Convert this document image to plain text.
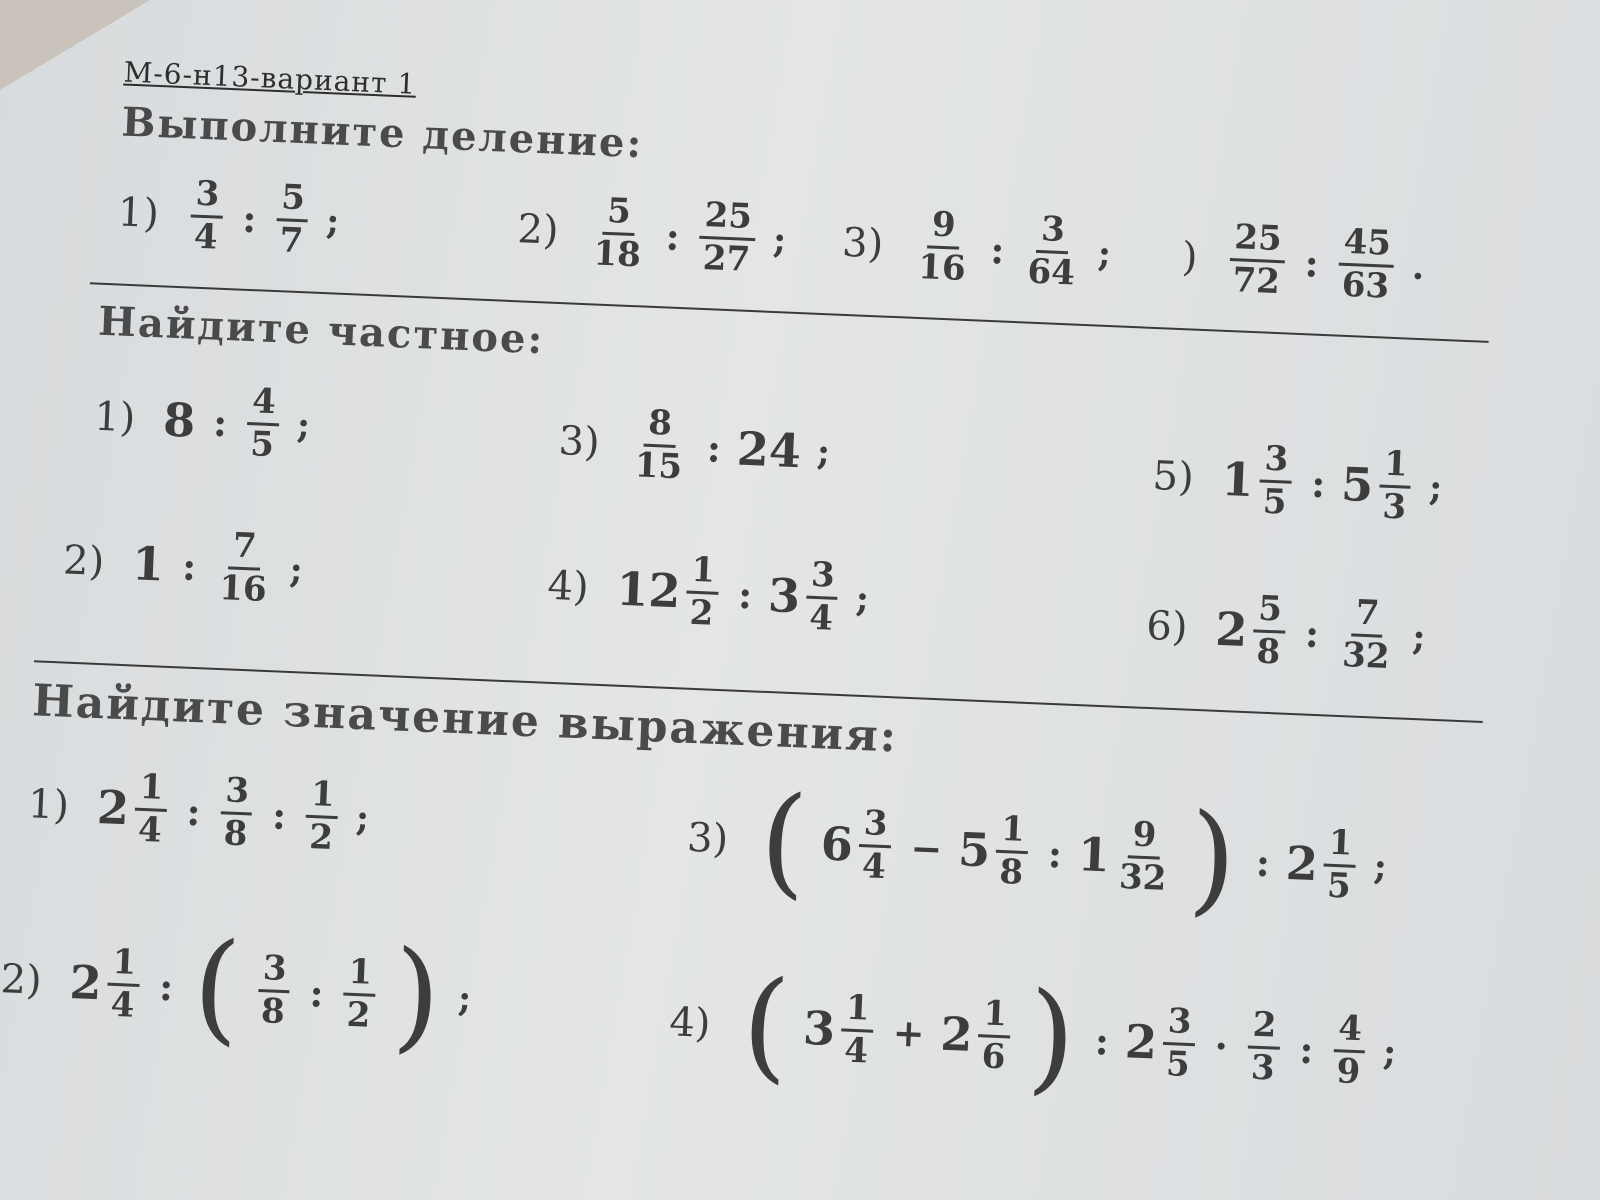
М-6-н13-вариант 1
Выполните деление:
$1) \frac{3}{4}$ : $\frac{5}{7}$ ;	$2) \frac{5}{18}$ : $\frac{25}{27}$ ; $3) \frac{9}{16}$ : $\frac{3}{64}$ ; ) $\frac{25}{72}$ : $\frac{45}{63}$ .
Найдите частное:
1) 8 : $\frac{4}{5}$ ;
2) 1 : $\frac{7}{16}$ ;
$3) \frac{8}{15}$ : 24 ;
4) $12 \frac{1}{2}$ : $3 \frac{3}{4}$ ;
5) $1 \frac{3}{5}$ : $5 \frac{1}{3}$ ;
6) $2 \frac{5}{8}$ : $\frac{7}{32}$ ;
Найдите значение выражения:
1) $2 \frac{1}{4}$ : $\frac{3}{8}$ : $\frac{1}{2}$ ;
2) $2 \frac{1}{4}$ : ( $\frac{3}{8}$ : $\frac{1}{2}$ ) ;
3) ( $6 \frac{3}{4} - 5 \frac{1}{8}$ : $1 \frac{9}{32}$ ) : $2 \frac{1}{5}$ ;
4) ( $3 \frac{1}{4} + 2 \frac{1}{6}$ ) : $2 \frac{3}{5} \cdot \frac{2}{3}$ : $\frac{4}{9}$ ;
